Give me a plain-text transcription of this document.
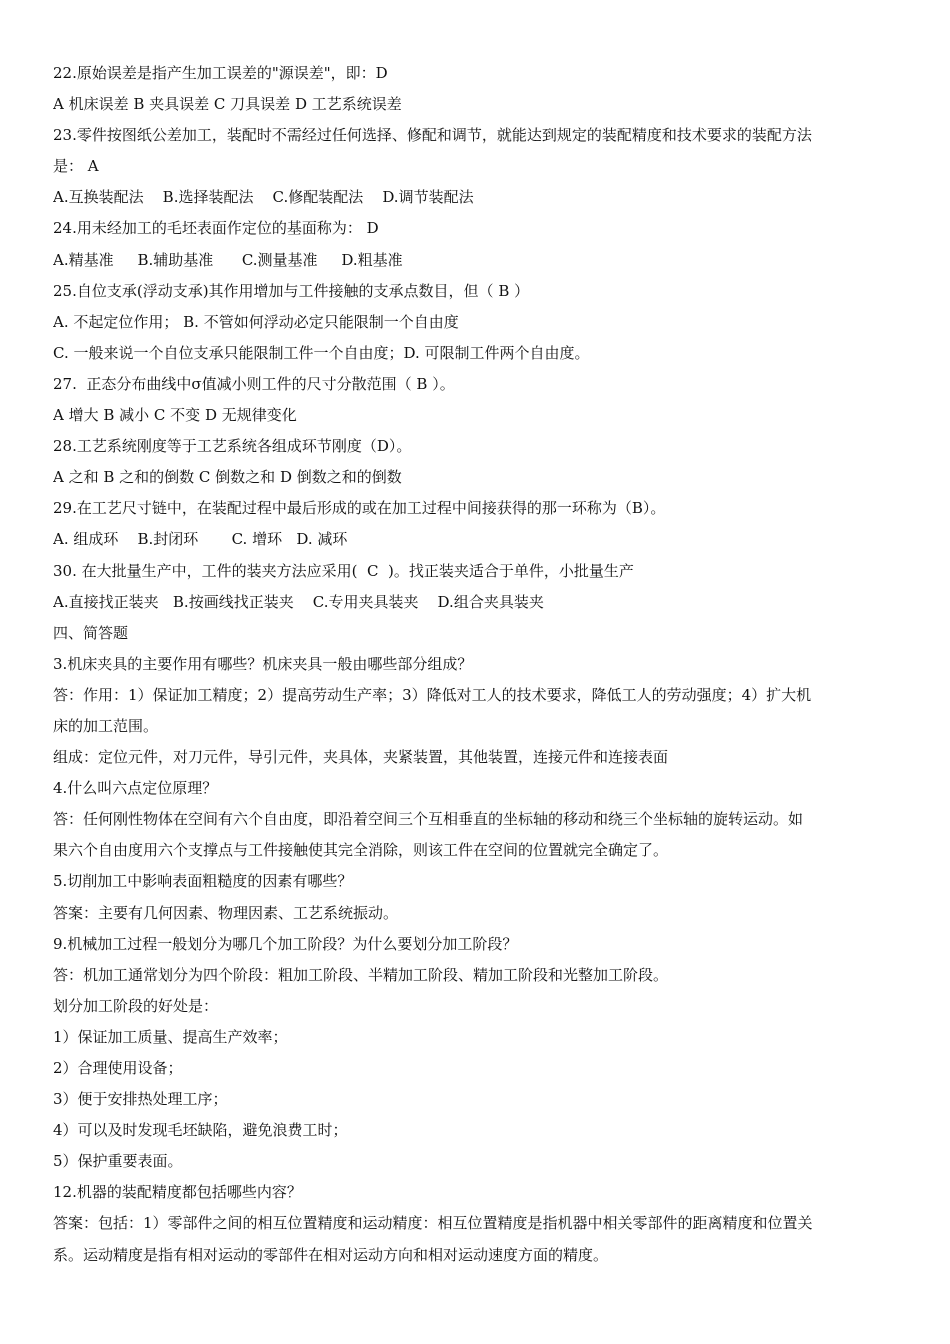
22.原始误差是指产生加工误差的"源误差"，即：D
A 机床误差 B 夹具误差 C 刀具误差 D 工艺系统误差
23.零件按图纸公差加工，装配时不需经过任何选择、修配和调节，就能达到规定的装配精度和技术要求的装配方法
是： A
A.互换装配法    B.选择装配法    C.修配装配法    D.调节装配法
24.用未经加工的毛坯表面作定位的基面称为： D
A.精基准     B.辅助基准      C.测量基准     D.粗基准
25.自位支承(浮动支承)其作用增加与工件接触的支承点数目，但（ B ）
A. 不起定位作用； B. 不管如何浮动必定只能限制一个自由度
C. 一般来说一个自位支承只能限制工件一个自由度；D. 可限制工件两个自由度。
27.  正态分布曲线中σ值减小则工件的尺寸分散范围（ B ）。
A 增大 B 减小 C 不变 D 无规律变化
28.工艺系统刚度等于工艺系统各组成环节刚度（D）。
A 之和 B 之和的倒数 C 倒数之和 D 倒数之和的倒数
29.在工艺尺寸链中，在装配过程中最后形成的或在加工过程中间接获得的那一环称为（B）。
A. 组成环    B.封闭环       C. 增环   D. 减环
30. 在大批量生产中，工件的装夹方法应采用(  C  )。找正装夹适合于单件，小批量生产
A.直接找正装夹   B.按画线找正装夹    C.专用夹具装夹    D.组合夹具装夹
四、简答题
3.机床夹具的主要作用有哪些？机床夹具一般由哪些部分组成？
答：作用：1）保证加工精度；2）提高劳动生产率；3）降低对工人的技术要求，降低工人的劳动强度；4）扩大机
床的加工范围。
组成：定位元件，对刀元件，导引元件，夹具体，夹紧装置，其他装置，连接元件和连接表面
4.什么叫六点定位原理？
答：任何刚性物体在空间有六个自由度，即沿着空间三个互相垂直的坐标轴的移动和绕三个坐标轴的旋转运动。如
果六个自由度用六个支撑点与工件接触使其完全消除，则该工件在空间的位置就完全确定了。
5.切削加工中影响表面粗糙度的因素有哪些？
答案：主要有几何因素、物理因素、工艺系统振动。
9.机械加工过程一般划分为哪几个加工阶段？为什么要划分加工阶段？
答：机加工通常划分为四个阶段：粗加工阶段、半精加工阶段、精加工阶段和光整加工阶段。
划分加工阶段的好处是：
1）保证加工质量、提高生产效率；
2）合理使用设备；
3）便于安排热处理工序；
4）可以及时发现毛坯缺陷，避免浪费工时；
5）保护重要表面。
12.机器的装配精度都包括哪些内容？
答案：包括：1）零部件之间的相互位置精度和运动精度：相互位置精度是指机器中相关零部件的距离精度和位置关
系。运动精度是指有相对运动的零部件在相对运动方向和相对运动速度方面的精度。
